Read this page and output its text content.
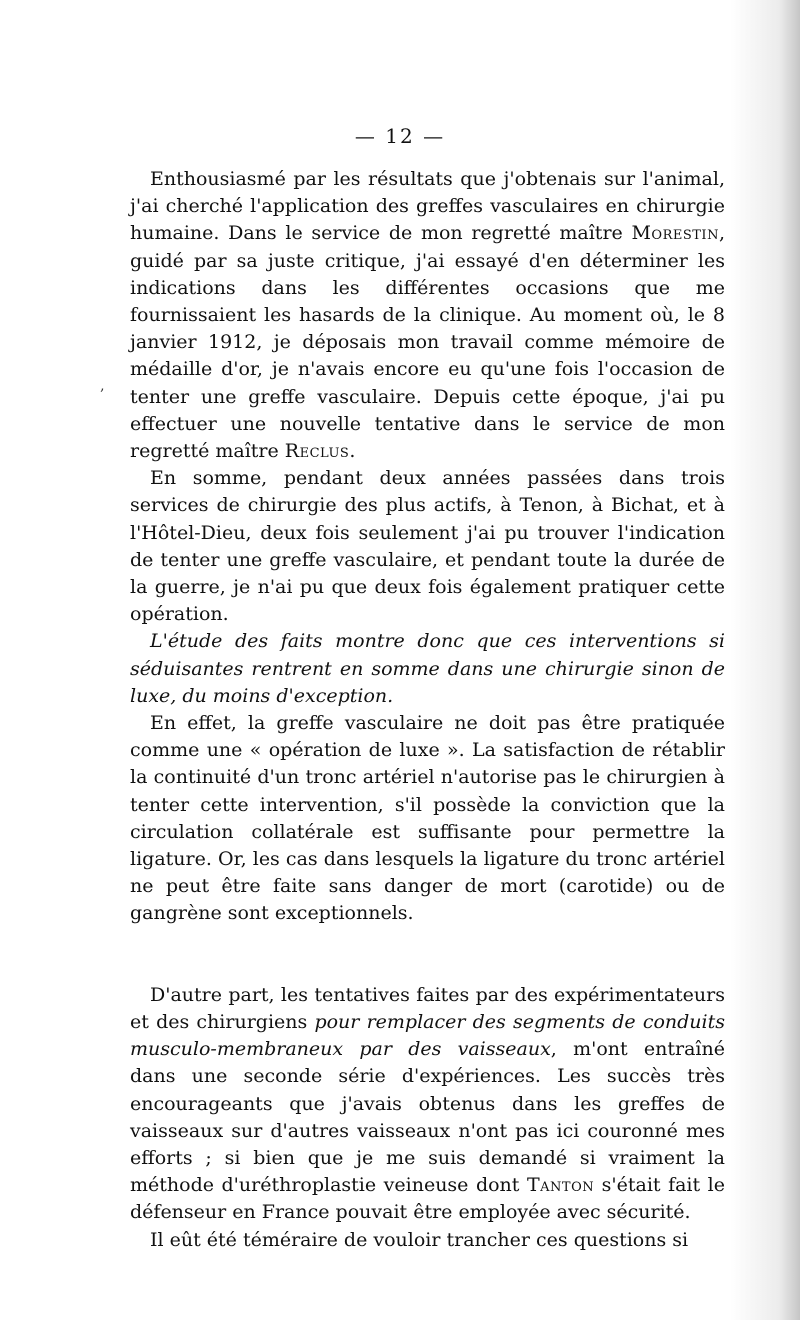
— 12 —
‚

Enthousiasmé par les résultats que j'obtenais sur l'animal, j'ai cherché l'application des greffes vasculaires en chirurgie humaine. Dans le service de mon regretté maître Morestin, guidé par sa juste critique, j'ai essayé d'en déterminer les indications dans les différentes occasions que me fournissaient les hasards de la clinique. Au moment où, le 8 janvier 1912, je déposais mon travail comme mémoire de médaille d'or, je n'avais encore eu qu'une fois l'occasion de tenter une greffe vasculaire. Depuis cette époque, j'ai pu effectuer une nouvelle tentative dans le service de mon regretté maître Reclus.

En somme, pendant deux années passées dans trois services de chirurgie des plus actifs, à Tenon, à Bichat, et à l'Hôtel-Dieu, deux fois seulement j'ai pu trouver l'indication de tenter une greffe vasculaire, et pendant toute la durée de la guerre, je n'ai pu que deux fois également pratiquer cette opération.

L'étude des faits montre donc que ces interventions si séduisantes rentrent en somme dans une chirurgie sinon de luxe, du moins d'exception.

En effet, la greffe vasculaire ne doit pas être pratiquée comme une « opération de luxe ». La satisfaction de rétablir la continuité d'un tronc artériel n'autorise pas le chirurgien à tenter cette intervention, s'il possède la conviction que la circulation collatérale est suffisante pour permettre la ligature. Or, les cas dans lesquels la ligature du tronc artériel ne peut être faite sans danger de mort (carotide) ou de gangrène sont exceptionnels.

D'autre part, les tentatives faites par des expérimentateurs et des chirurgiens pour remplacer des segments de conduits musculo-membraneux par des vaisseaux, m'ont entraîné dans une seconde série d'expériences. Les succès très encourageants que j'avais obtenus dans les greffes de vaisseaux sur d'autres vaisseaux n'ont pas ici couronné mes efforts ; si bien que je me suis demandé si vraiment la méthode d'uréthroplastie veineuse dont Tanton s'était fait le défenseur en France pouvait être employée avec sécurité.

Il eût été téméraire de vouloir trancher ces questions si
